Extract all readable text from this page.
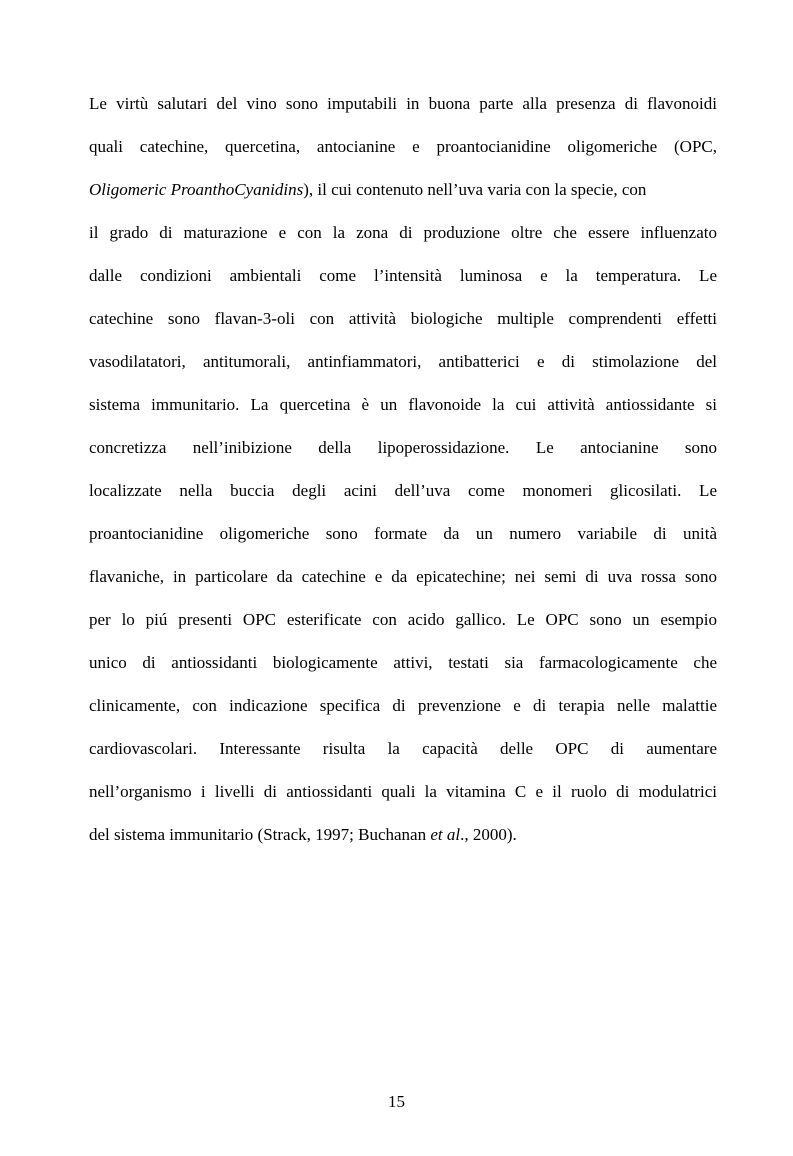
Le virtù salutari del vino sono imputabili in buona parte alla presenza di flavonoidi
quali catechine, quercetina, antocianine e proantocianidine oligomeriche (OPC,
Oligomeric ProanthoCyanidins), il cui contenuto nell’uva varia con la specie, con
il grado di maturazione e con la zona di produzione oltre che essere influenzato
dalle condizioni ambientali come l’intensità luminosa e la temperatura. Le
catechine sono flavan-3-oli con attività biologiche multiple comprendenti effetti
vasodilatatori, antitumorali, antinfiammatori, antibatterici e di stimolazione del
sistema immunitario. La quercetina è un flavonoide la cui attività antiossidante si
concretizza nell’inibizione della lipoperossidazione. Le antocianine sono
localizzate nella buccia degli acini dell’uva come monomeri glicosilati. Le
proantocianidine oligomeriche sono formate da un numero variabile di unità
flavaniche, in particolare da catechine e da epicatechine; nei semi di uva rossa sono
per lo piú presenti OPC esterificate con acido gallico. Le OPC sono un esempio
unico di antiossidanti biologicamente attivi, testati sia farmacologicamente che
clinicamente, con indicazione specifica di prevenzione e di terapia nelle malattie
cardiovascolari. Interessante risulta la capacità delle OPC di aumentare
nell’organismo i livelli di antiossidanti quali la vitamina C e il ruolo di modulatrici
del sistema immunitario (Strack, 1997; Buchanan et al., 2000).
15
